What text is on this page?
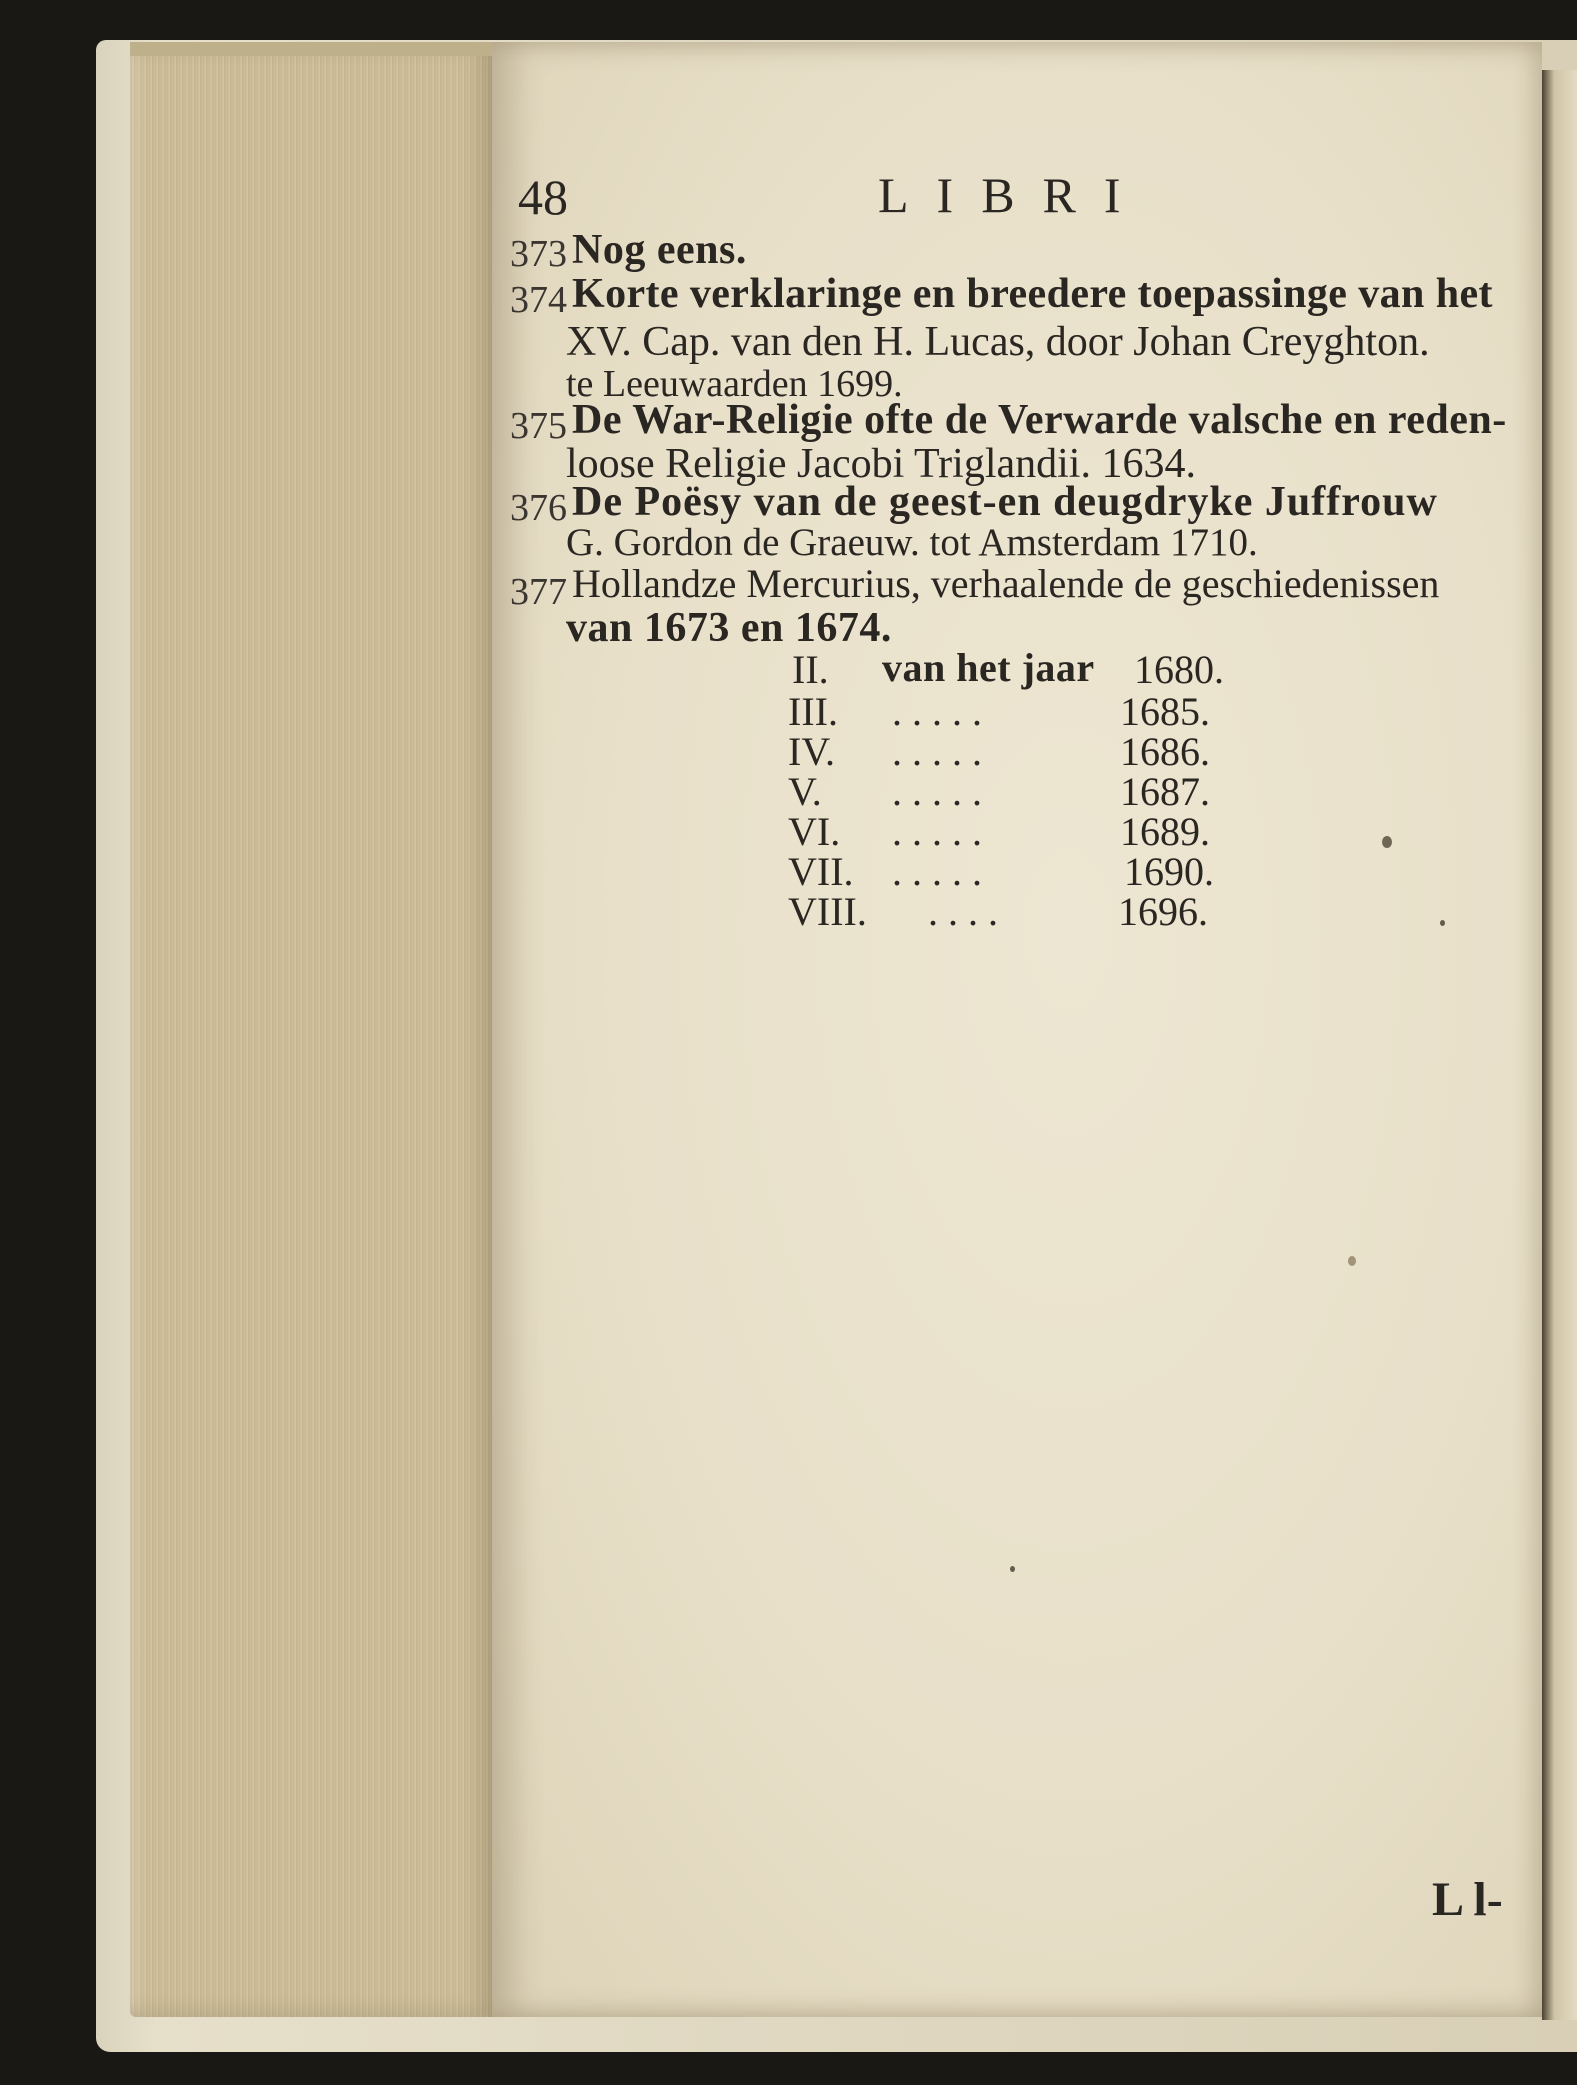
48	LIBRI
373 Nog eens.
374 Korte verklaringe en breedere toepassinge van het
XV. Cap. van den H. Lucas, door Johan Creyghton.
te Leeuwaarden 1699.
375 De War-Religie ofte de Verwarde valsche en reden-
loose Religie Jacobi Triglandii. 1634.
376 De Poësy van de geest-en deugdryke Juffrouw
G. Gordon de Graeuw. tot Amsterdam 1710.
377 Hollandze Mercurius, verhaalende de geschiedenissen
van 1673 en 1674.
II. van het jaar 1680.
III. . . . . .	1685.
IV. . . . . .	1686.
V. . . . . .	1687.
VI. . . . . .	1689.
VII. . . . . .	1690.
VIII. . . . .	1696.
L l-
